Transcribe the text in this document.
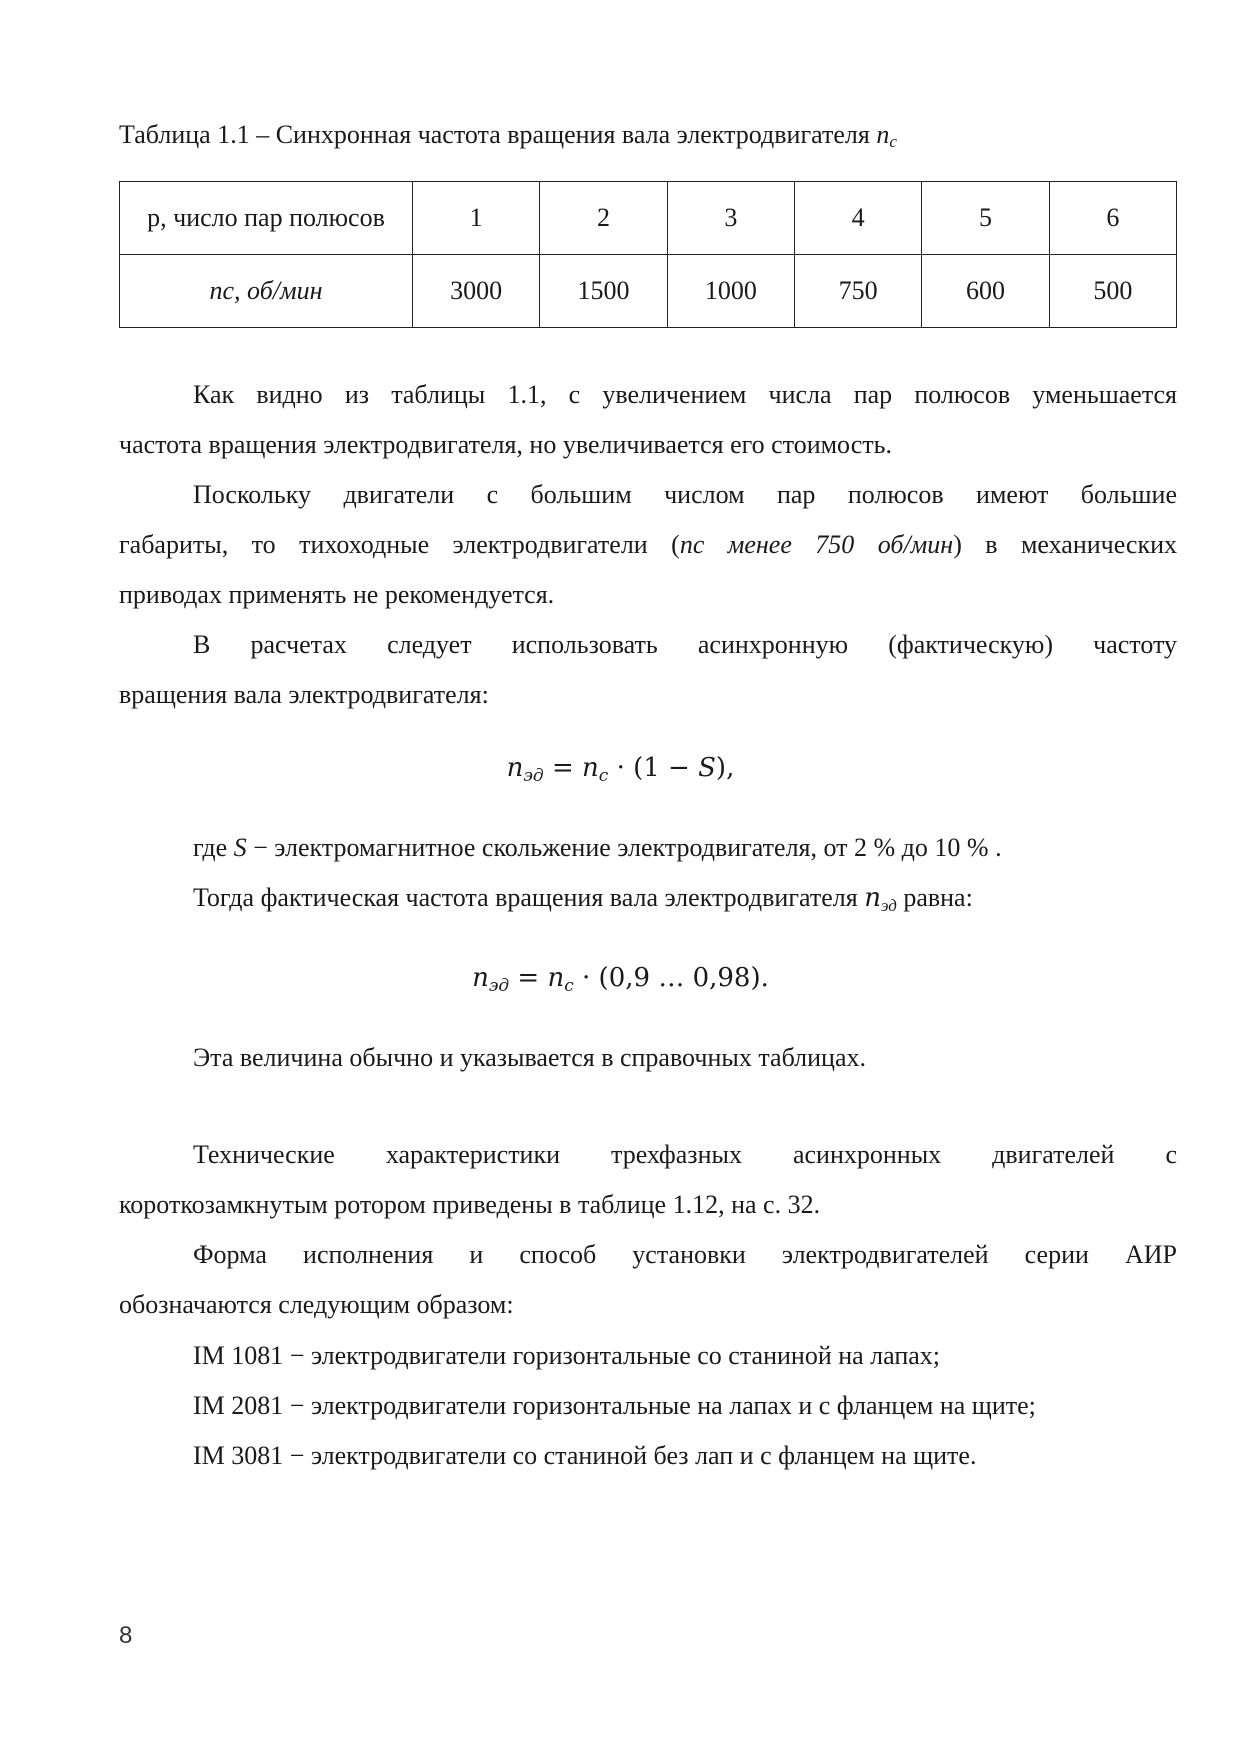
Таблица 1.1 – Синхронная частота вращения вала электродвигателя $n_c$
р, число пар полюсов	1	2	3	4	5	6
nc, об/мин	3000	1500	1000	750	600	500
Как видно из таблицы 1.1, с увеличением числа пар полюсов уменьшается
частота вращения электродвигателя, но увеличивается его стоимость.
Поскольку двигатели с большим числом пар полюсов имеют большие
габариты, то тихоходные электродвигатели (nc менее 750 об/мин) в механических
приводах применять не рекомендуется.
В расчетах следует использовать асинхронную (фактическую) частоту
вращения вала электродвигателя:
$n_{эд} = n_c \cdot (1 - S)$,
где S − электромагнитное скольжение электродвигателя, от 2 % до 10 % .
Тогда фактическая частота вращения вала электродвигателя $n_{эд}$ равна:
$n_{эд} = n_c \cdot (0,9$ … 0,98).
Эта величина обычно и указывается в справочных таблицах.
Технические характеристики трехфазных асинхронных двигателей с
короткозамкнутым ротором приведены в таблице 1.12, на с. 32.
Форма исполнения и способ установки электродвигателей серии АИР
обозначаются следующим образом:
IM 1081 − электродвигатели горизонтальные со станиной на лапах;
IM 2081 − электродвигатели горизонтальные на лапах и с фланцем на щите;
IM 3081 − электродвигатели со станиной без лап и с фланцем на щите.
8
